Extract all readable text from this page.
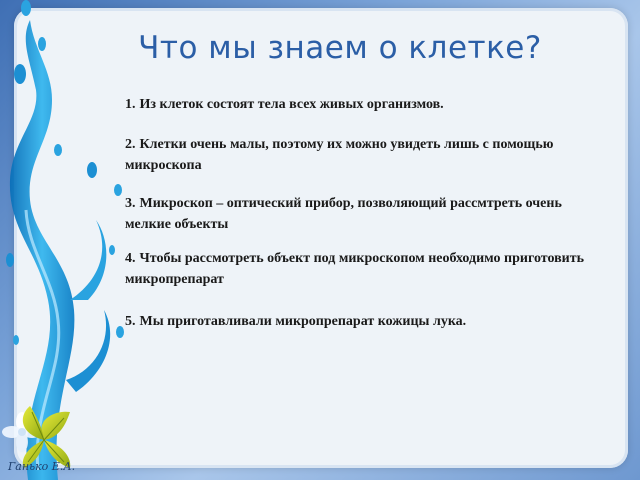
Что мы знаем о клетке?
1. Из клеток состоят тела всех живых организмов.
2. Клетки очень малы, поэтому их можно увидеть лишь с помощью микроскопа
3. Микроскоп – оптический прибор, позволяющий рассмтреть очень мелкие объекты
4. Чтобы рассмотреть объект под микроскопом необходимо приготовить микропрепарат
5. Мы приготавливали микропрепарат кожицы лука.
Ганько Е.А.
